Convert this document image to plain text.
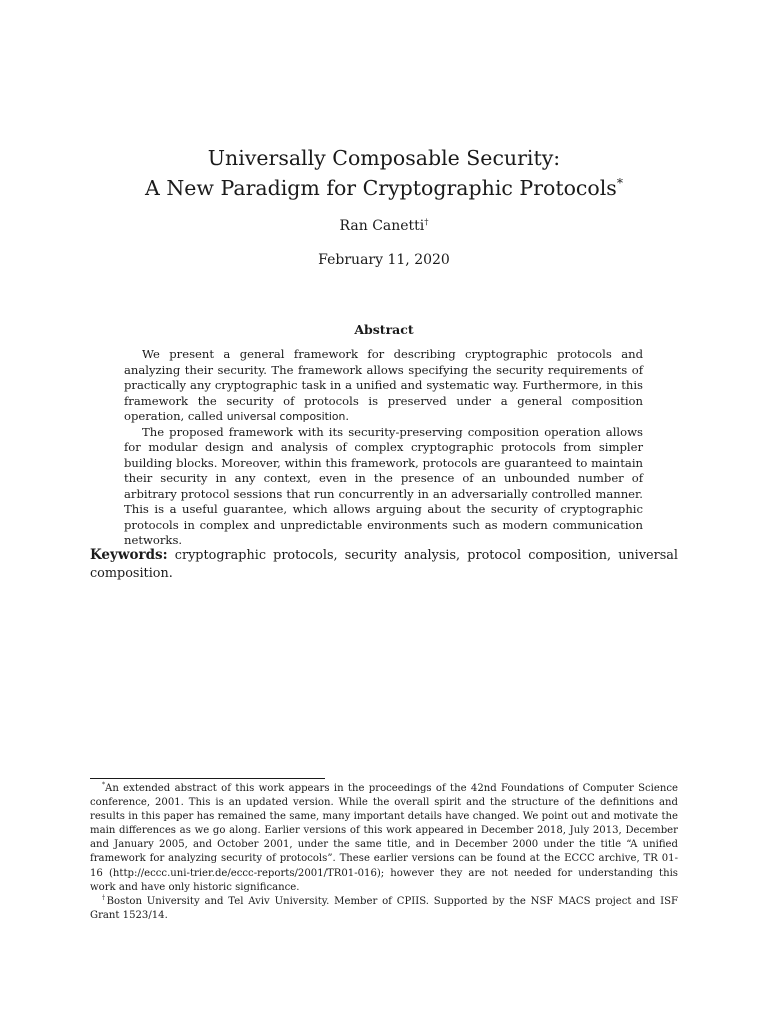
Universally Composable Security:

A New Paradigm for Cryptographic Protocols*

Ran Canetti†
February 11, 2020
Abstract

We present a general framework for describing cryptographic protocols and analyzing their security. The framework allows specifying the security requirements of practically any cryptographic task in a unified and systematic way. Furthermore, in this framework the security of protocols is preserved under a general composition operation, called universal composition.

The proposed framework with its security-preserving composition operation allows for modular design and analysis of complex cryptographic protocols from simpler building blocks. Moreover, within this framework, protocols are guaranteed to maintain their security in any context, even in the presence of an unbounded number of arbitrary protocol sessions that run concurrently in an adversarially controlled manner. This is a useful guarantee, which allows arguing about the security of cryptographic protocols in complex and unpredictable environments such as modern communication networks.

Keywords: cryptographic protocols, security analysis, protocol composition, universal composition.

*An extended abstract of this work appears in the proceedings of the 42nd Foundations of Computer Science conference, 2001. This is an updated version. While the overall spirit and the structure of the definitions and results in this paper has remained the same, many important details have changed. We point out and motivate the main differences as we go along. Earlier versions of this work appeared in December 2018, July 2013, December and January 2005, and October 2001, under the same title, and in December 2000 under the title “A unified framework for analyzing security of protocols”. These earlier versions can be found at the ECCC archive, TR 01-16 (http://eccc.uni-trier.de/eccc-reports/2001/TR01-016); however they are not needed for understanding this work and have only historic significance.

†Boston University and Tel Aviv University. Member of CPIIS. Supported by the NSF MACS project and ISF Grant 1523/14.
